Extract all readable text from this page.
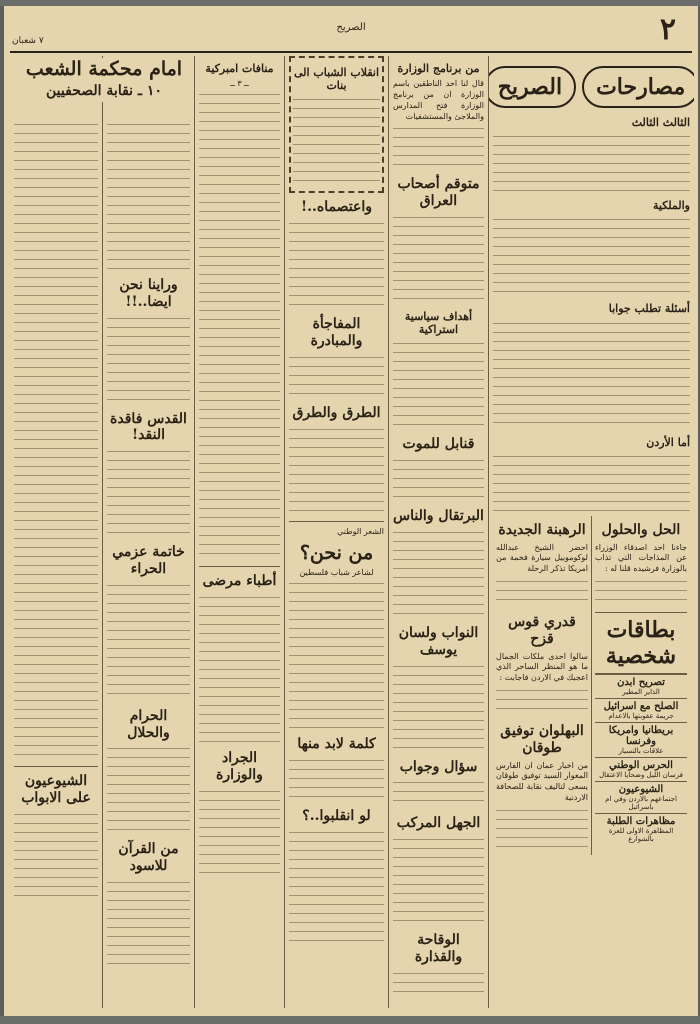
٢
الصريح
٧ شعبان
مصارحات
الصريح
الثالث الثالث
والملكية
أسئلة تطلب جوابا
أما الأردن
الحل والحلول
جاءنا احد اصدقاء الوزراء عن المذاجات التي تذاب بالوزارة فرشيده قلنا له :
بطاقات شخصية
تصريح ابدن
الذاير المطير
الصلح مع اسرائيل
جريمة عقوبتها بالاعدام
بريطانيا وامريكا وفرنسا
علاقات بالتسيار
الحرس الوطني
فرسان الليل وضحايا الاعتقال
الشيوعيون
اجتماعهم بالاردن وفي ام باسرائيل
مظاهرات الطلبة
المظاهرة الاولى للعزة بالشوارع
الرهبنة الجديدة
احضر الشيخ عبدالله لوكوموبيل سيارة فخمة من امريكا تذكر الرحلة
قدري قوس قزح
سالوا احدى ملكات الجمال ما هو المنظر الساحر الذي اعجبك في الاردن فاجابت :
البهلوان توفيق طوقان
من اخبار عمان ان الفارس المغوار السيد توفيق طوقان يسعى لتاليف نقابة للصحافة الاردنية
من برنامج الوزارة
قال لنا احد الناطقين باسم الوزارة ان من برنامج الوزارة فتح المدارس والملاجئ والمستشفيات
متوقم أصحاب العراق
أهداف سياسية استراكية
قنابل للموت
البرتقال والناس
النواب ولسان يوسف
سؤال وجواب
الجهل المركب
الوقاحة والقذارة
انقلاب الشباب الى بنات
واعتصماه..!
المفاجأة والمبادرة
الطرق والطرق
الشعر الوطني
من نحن؟
لشاعر شباب فلسطين
كلمة لابد منها
لو انقلبوا..؟
منافات امبركية
ــ ٣ ــ
أطباء مرضى
الجراد والوزارة
وراينا نحن ايضا..!!
القدس فاقدة النقد!
خاتمة عزمي الحراء
الحرام والحلال
من القرآن للاسود
الشيوعيون على الابواب
امام محكمة الشعب
١٠ ـ نقابة الصحفيين
